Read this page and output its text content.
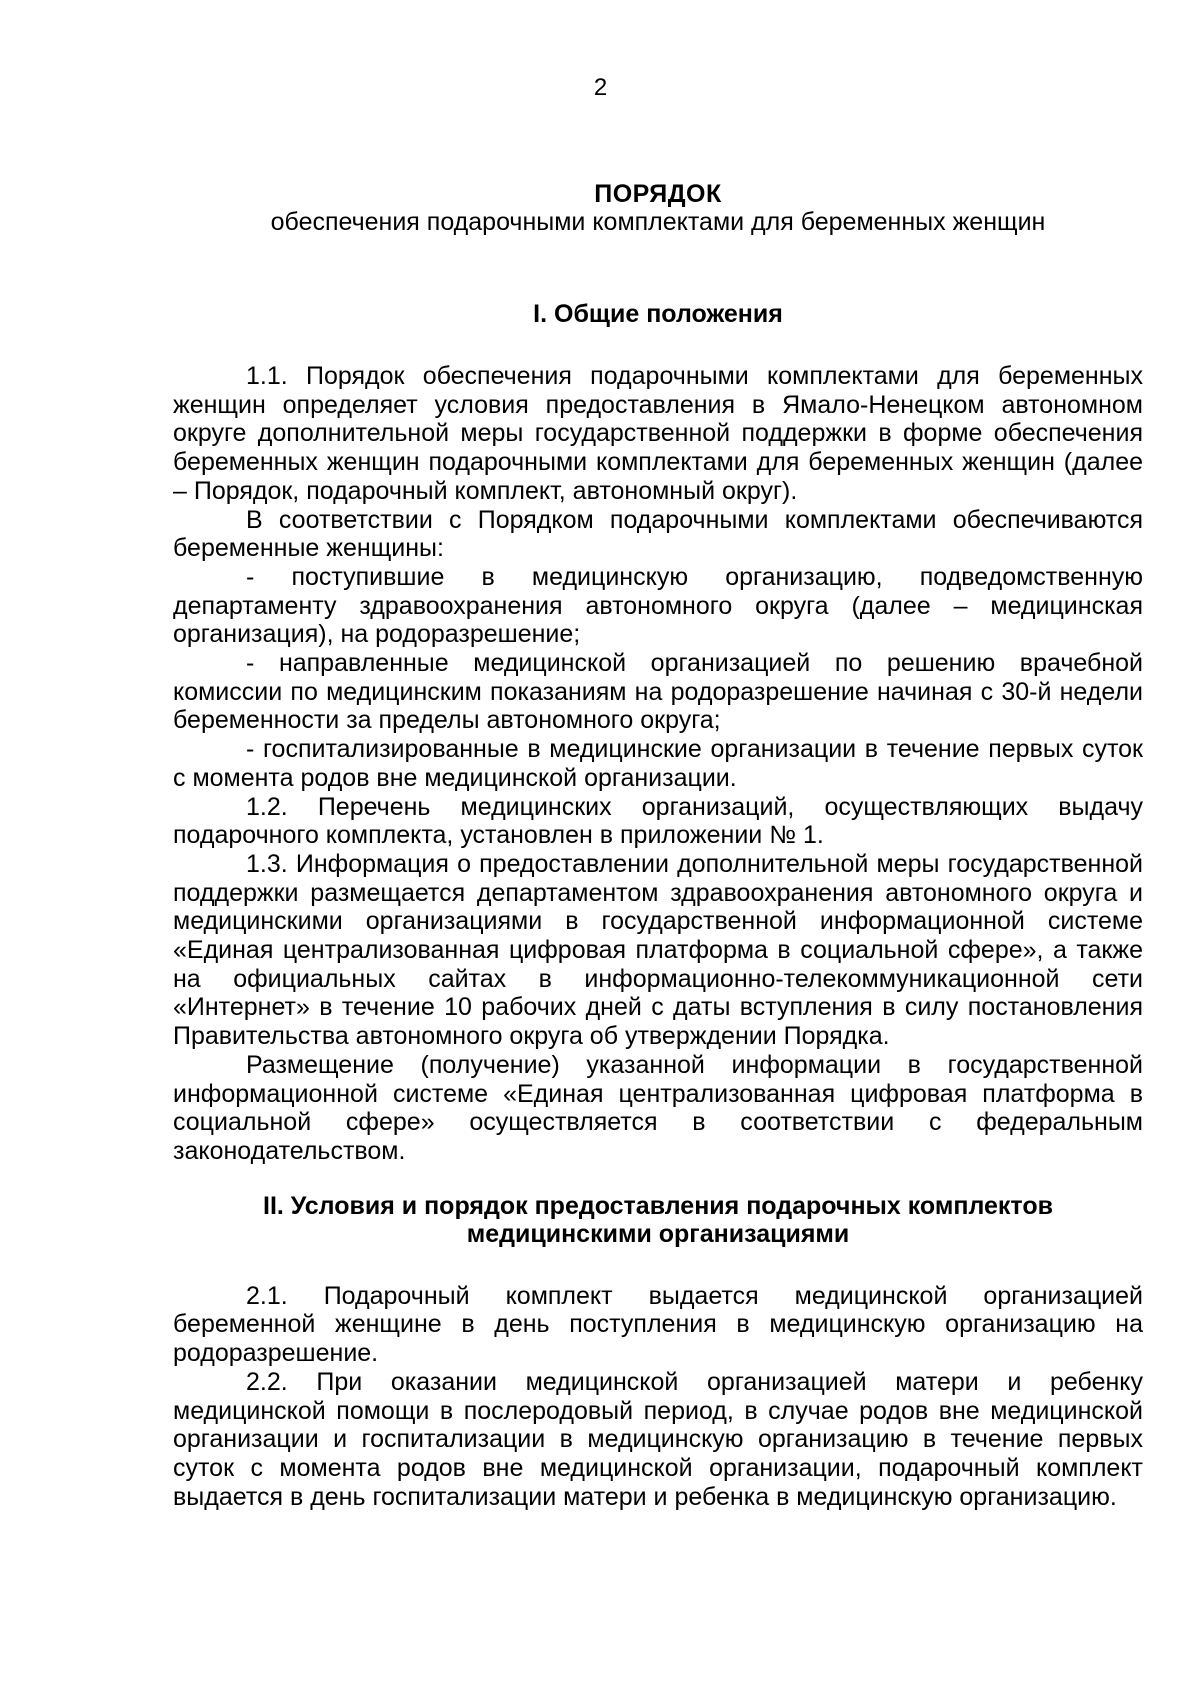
2

ПОРЯДОК

обеспечения подарочными комплектами для беременных женщин

I. Общие положения

1.1. Порядок обеспечения подарочными комплектами для беременных женщин определяет условия предоставления в Ямало-Ненецком автономном округе дополнительной меры государственной поддержки в форме обеспечения беременных женщин подарочными комплектами для беременных женщин (далее – Порядок, подарочный комплект, автономный округ).

В соответствии с Порядком подарочными комплектами обеспечиваются беременные женщины:

- поступившие в медицинскую организацию, подведомственную департаменту здравоохранения автономного округа (далее – медицинская организация), на родоразрешение;

- направленные медицинской организацией по решению врачебной комиссии по медицинским показаниям на родоразрешение начиная с 30-й недели беременности за пределы автономного округа;

- госпитализированные в медицинские организации в течение первых суток с момента родов вне медицинской организации.

1.2. Перечень медицинских организаций, осуществляющих выдачу подарочного комплекта, установлен в приложении № 1.

1.3. Информация о предоставлении дополнительной меры государственной поддержки размещается департаментом здравоохранения автономного округа и медицинскими организациями в государственной информационной системе «Единая централизованная цифровая платформа в социальной сфере», а также на официальных сайтах в информационно-телекоммуникационной сети «Интернет» в течение 10 рабочих дней с даты вступления в силу постановления Правительства автономного округа об утверждении Порядка.

Размещение (получение) указанной информации в государственной информационной системе «Единая централизованная цифровая платформа в социальной сфере» осуществляется в соответствии с федеральным законодательством.

II. Условия и порядок предоставления подарочных комплектов
медицинскими организациями

2.1. Подарочный комплект выдается медицинской организацией беременной женщине в день поступления в медицинскую организацию на родоразрешение.

2.2. При оказании медицинской организацией матери и ребенку медицинской помощи в послеродовый период, в случае родов вне медицинской организации и госпитализации в медицинскую организацию в течение первых суток с момента родов вне медицинской организации, подарочный комплект выдается в день госпитализации матери и ребенка в медицинскую организацию.
